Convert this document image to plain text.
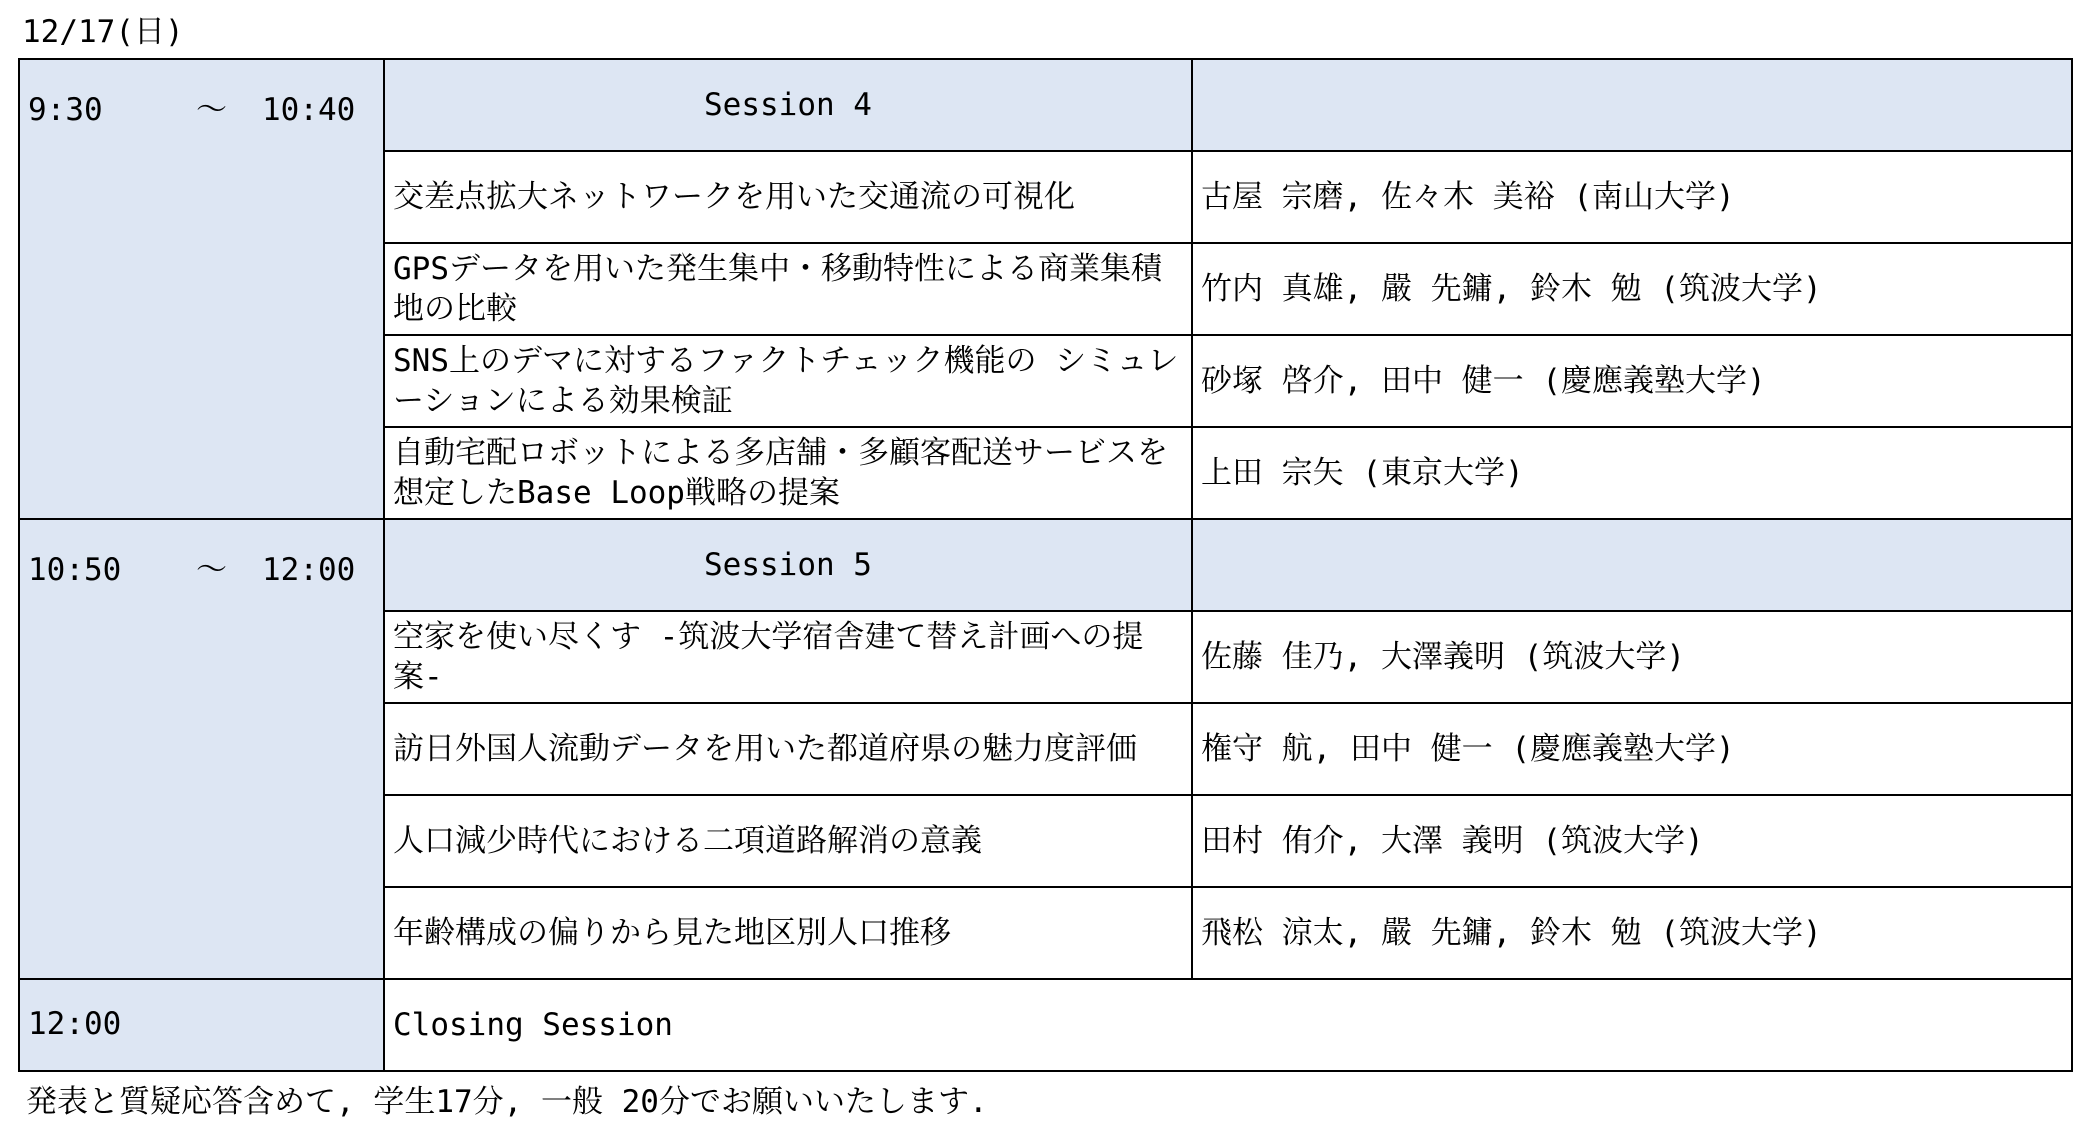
12/17(日)
9:30 ～ 10:40	Session 4	
	交差点拡大ネットワークを用いた交通流の可視化	古屋 宗磨, 佐々木 美裕 (南山大学)
	GPSデータを用いた発生集中・移動特性による商業集積地の比較	竹内 真雄, 嚴 先鏞, 鈴木 勉 (筑波大学)
	SNS上のデマに対するファクトチェック機能の シミュレーションによる効果検証	砂塚 啓介, 田中 健一 (慶應義塾大学)
	自動宅配ロボットによる多店舗・多顧客配送サービスを 想定したBase Loop戦略の提案	上田 宗矢 (東京大学)

10:50 ～ 12:00	Session 5	
	空家を使い尽くす -筑波大学宿舎建て替え計画への提案-	佐藤 佳乃, 大澤義明 (筑波大学)
	訪日外国人流動データを用いた都道府県の魅力度評価	権守 航, 田中 健一 (慶應義塾大学)
	人口減少時代における二項道路解消の意義	田村 侑介, 大澤 義明 (筑波大学)
	年齢構成の偏りから見た地区別人口推移	飛松 涼太, 嚴 先鏞, 鈴木 勉 (筑波大学)

12:00	Closing Session	
発表と質疑応答含めて, 学生17分, 一般 20分でお願いいたします.
